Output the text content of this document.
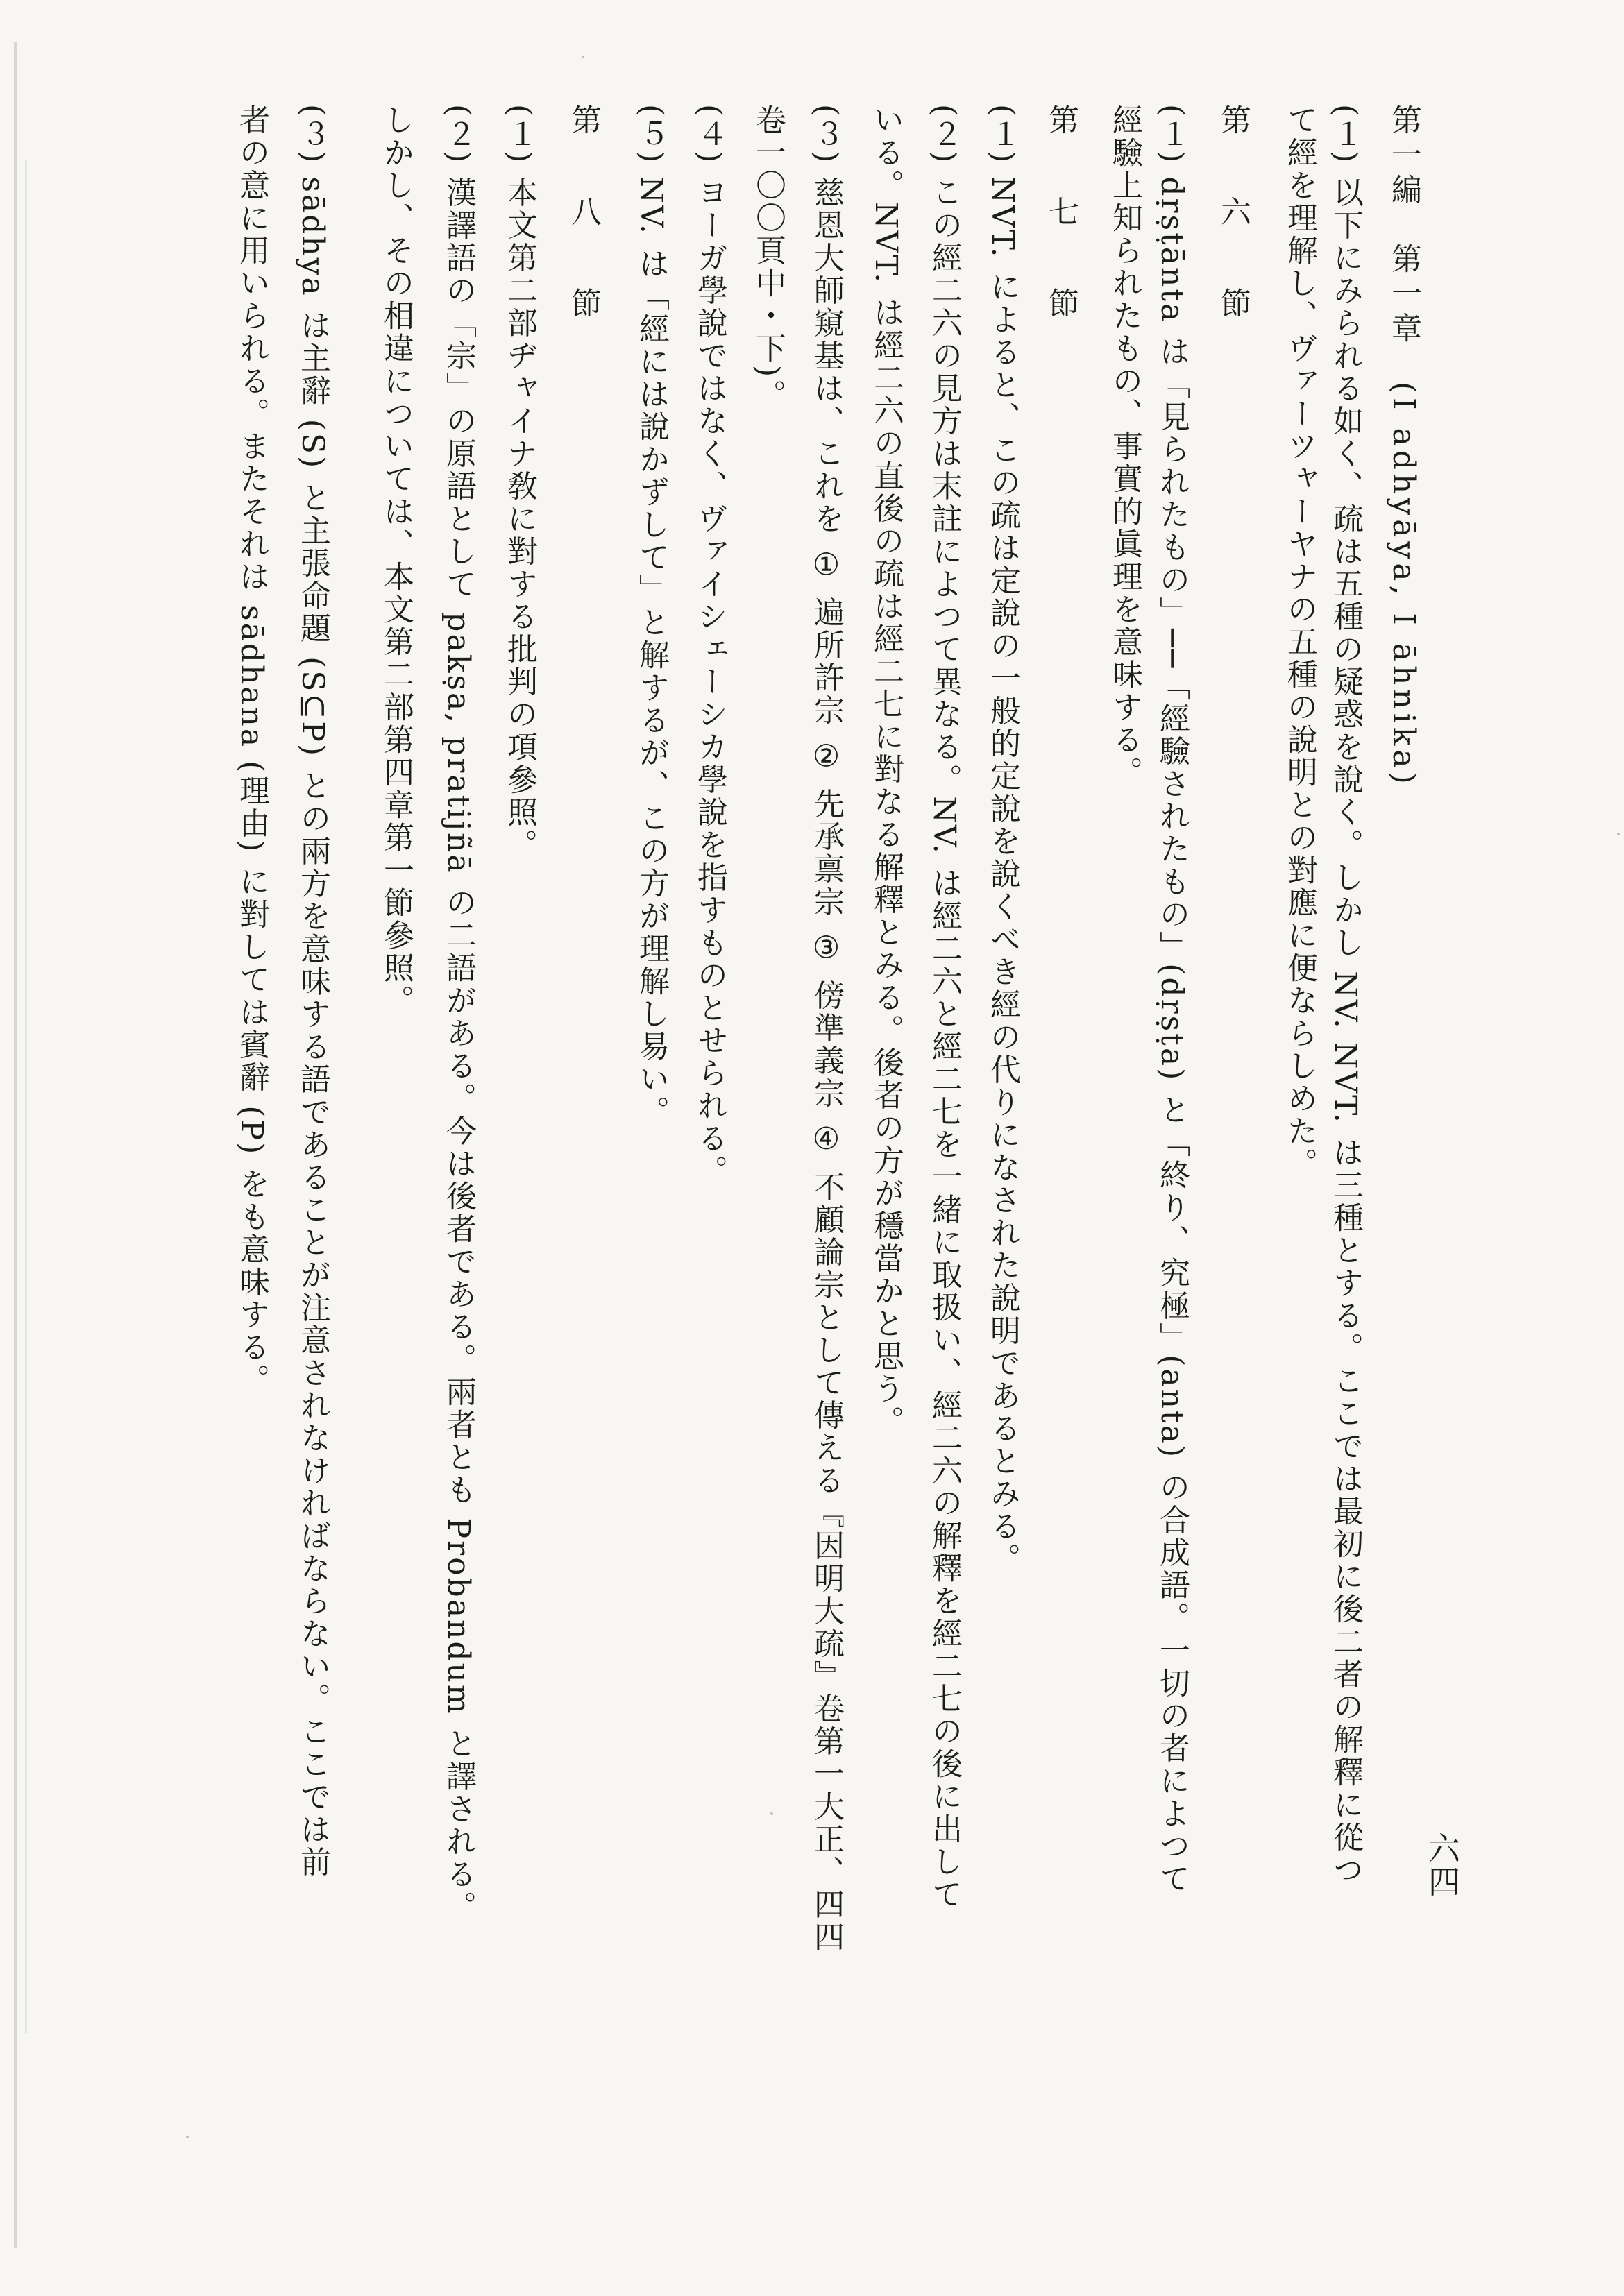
六四
第一編　第一章　(I adhyāya, I āhnika)
(１) 以下にみられる如く、疏は五種の疑惑を說く。しかし NV. NVT. は三種とする。ここでは最初に後二者の解釋に從つ
て經を理解し、ヴァーツャーヤナの五種の說明との對應に便ならしめた。
第　六　節
(１) dṛṣṭānta は「見られたもの」──「經驗されたもの」(dṛṣṭa) と「終り、究極」(anta) の合成語。一切の者によつて
經驗上知られたもの、事實的眞理を意味する。
第　七　節
(１) NVT. によると、この疏は定說の一般的定說を說くべき經の代りになされた說明であるとみる。
(２) この經二六の見方は末註によつて異なる。NV. は經二六と經二七を一緒に取扱い、經二六の解釋を經二七の後に出して
いる。NVT. は經二六の直後の疏は經二七に對なる解釋とみる。後者の方が穩當かと思う。
(３) 慈恩大師窺基は、これを ① 遍所許宗 ② 先承禀宗 ③ 傍準義宗 ④ 不顧論宗として傳える『因明大疏』卷第一大正、四四
卷一〇〇頁中・下)。
(４) ヨーガ學說ではなく、ヴァイシェーシカ學說を指すものとせられる。
(５) NV. は「經には說かずして」と解するが、この方が理解し易い。
第　八　節
(１) 本文第二部ヂャイナ敎に對する批判の項參照。
(２) 漢譯語の「宗」の原語として pakṣa, pratijñā の二語がある。今は後者である。兩者とも Probandum と譯される。
しかし、その相違については、本文第二部第四章第一節參照。
(３) sādhya は主辭 (S) と主張命題 (S⊆P) との兩方を意味する語であることが注意されなければならない。ここでは前
者の意に用いられる。またそれは sādhana (理由) に對しては賓辭 (P) をも意味する。
